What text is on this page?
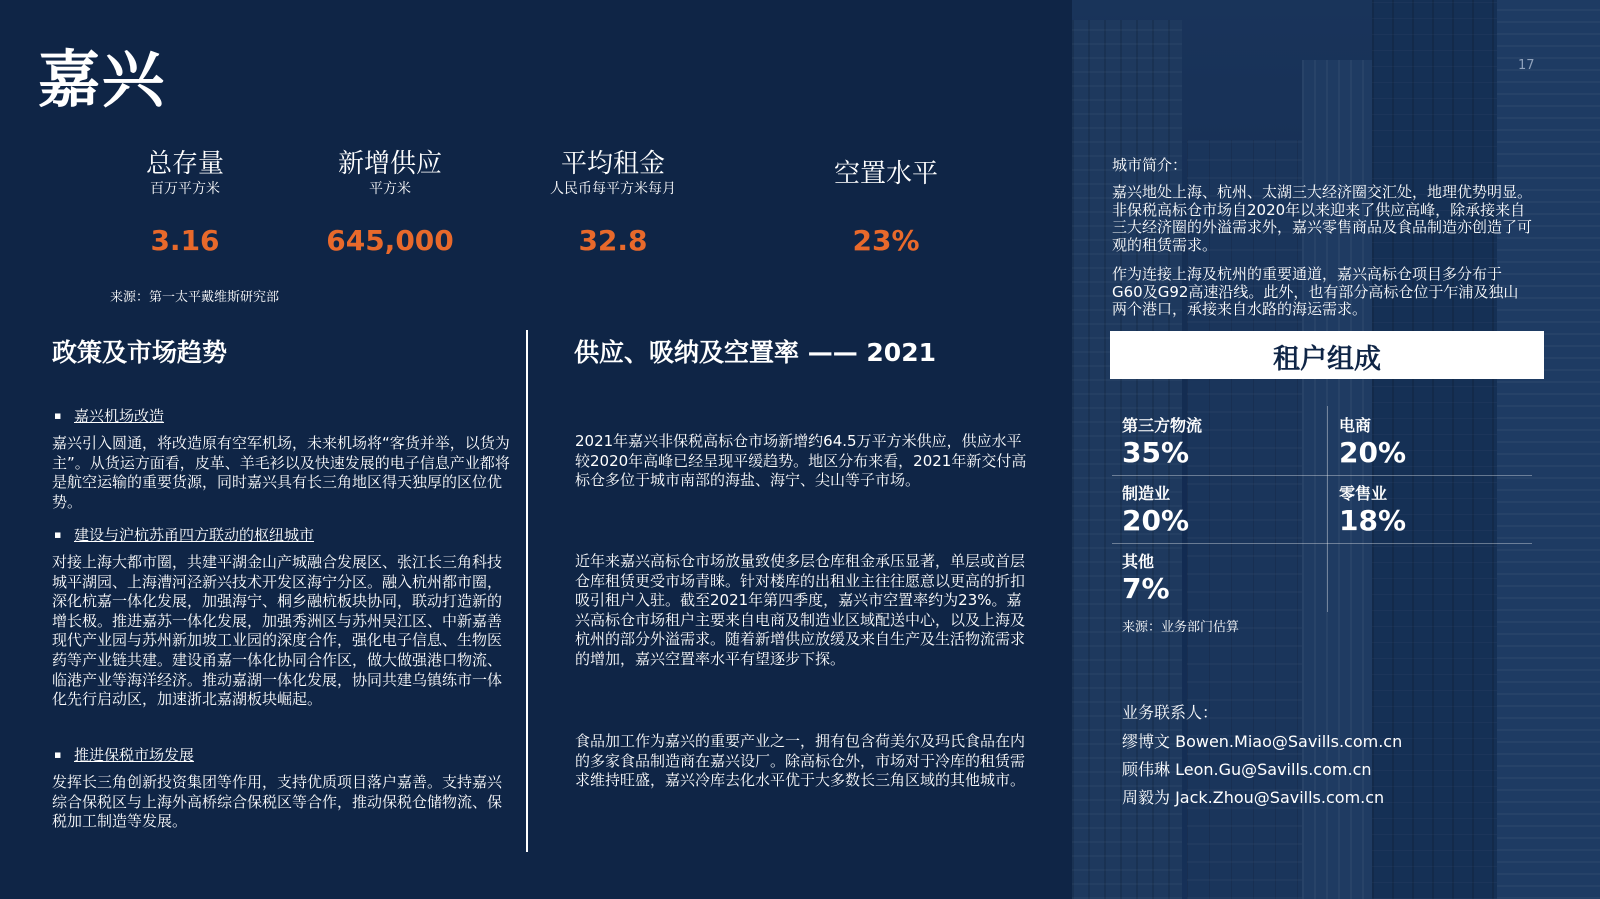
嘉兴	17
总存量
百万平方米
3.16
新增供应
平方米
645,000
平均租金
人民币每平方米每月
32.8
空置水平
23%
来源：第一太平戴维斯研究部
政策及市场趋势
▪ 嘉兴机场改造
嘉兴引入圆通，将改造原有空军机场，未来机场将“客货并举，以货为主”。从货运方面看，皮革、羊毛衫以及快速发展的电子信息产业都将是航空运输的重要货源，同时嘉兴具有长三角地区得天独厚的区位优势。
▪ 建设与沪杭苏甬四方联动的枢纽城市
对接上海大都市圈，共建平湖金山产城融合发展区、张江长三角科技城平湖园、上海漕河泾新兴技术开发区海宁分区。融入杭州都市圈，深化杭嘉一体化发展，加强海宁、桐乡融杭板块协同，联动打造新的增长极。推进嘉苏一体化发展，加强秀洲区与苏州吴江区、中新嘉善现代产业园与苏州新加坡工业园的深度合作，强化电子信息、生物医药等产业链共建。建设甬嘉一体化协同合作区，做大做强港口物流、临港产业等海洋经济。推动嘉湖一体化发展，协同共建乌镇练市一体化先行启动区，加速浙北嘉湖板块崛起。
▪ 推进保税市场发展
发挥长三角创新投资集团等作用，支持优质项目落户嘉善。支持嘉兴综合保税区与上海外高桥综合保税区等合作，推动保税仓储物流、保税加工制造等发展。
供应、吸纳及空置率 —— 2021
2021年嘉兴非保税高标仓市场新增约64.5万平方米供应，供应水平较2020年高峰已经呈现平缓趋势。地区分布来看，2021年新交付高标仓多位于城市南部的海盐、海宁、尖山等子市场。
近年来嘉兴高标仓市场放量致使多层仓库租金承压显著，单层或首层仓库租赁更受市场青睐。针对楼库的出租业主往往愿意以更高的折扣吸引租户入驻。截至2021年第四季度，嘉兴市空置率约为23%。嘉兴高标仓市场租户主要来自电商及制造业区域配送中心，以及上海及杭州的部分外溢需求。随着新增供应放缓及来自生产及生活物流需求的增加，嘉兴空置率水平有望逐步下探。
食品加工作为嘉兴的重要产业之一，拥有包含荷美尔及玛氏食品在内的多家食品制造商在嘉兴设厂。除高标仓外，市场对于冷库的租赁需求维持旺盛，嘉兴冷库去化水平优于大多数长三角区域的其他城市。
城市简介：
嘉兴地处上海、杭州、太湖三大经济圈交汇处，地理优势明显。非保税高标仓市场自2020年以来迎来了供应高峰，除承接来自三大经济圈的外溢需求外，嘉兴零售商品及食品制造亦创造了可观的租赁需求。
作为连接上海及杭州的重要通道，嘉兴高标仓项目多分布于G60及G92高速沿线。此外，也有部分高标仓位于乍浦及独山两个港口，承接来自水路的海运需求。
租户组成
第三方物流
35%
电商
20%
制造业
20%
零售业
18%
其他
7%
来源：业务部门估算
业务联系人：
缪博文 Bowen.Miao@Savills.com.cn
顾伟琳 Leon.Gu@Savills.com.cn
周毅为 Jack.Zhou@Savills.com.cn
